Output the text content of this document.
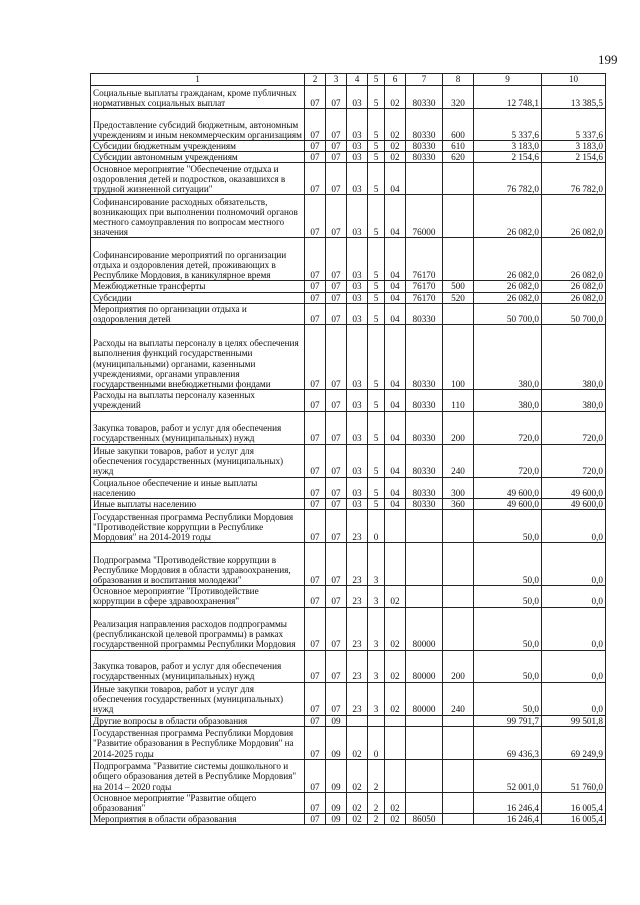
199
1	2	3	4	5	6	7	8	9	10
Социальные выплаты гражданам, кроме публичных нормативных социальных выплат	07	07	03	5	02	80330	320	12 748,1	13 385,5
Предоставление субсидий бюджетным, автономным учреждениям и иным некоммерческим организациям	07	07	03	5	02	80330	600	5 337,6	5 337,6
Субсидии бюджетным учреждениям	07	07	03	5	02	80330	610	3 183,0	3 183,0
Субсидии автономным учреждениям	07	07	03	5	02	80330	620	2 154,6	2 154,6
Основное мероприятие "Обеспечение отдыха и оздоровления детей и подростков, оказавшихся в трудной жизненной ситуации"	07	07	03	5	04			76 782,0	76 782,0
Софинансирование расходных обязательств, возникающих при выполнении полномочий органов местного самоуправления по вопросам местного значения	07	07	03	5	04	76000		26 082,0	26 082,0
Софинансирование мероприятий по организации отдыха и оздоровления детей, проживающих в Республике Мордовия, в каникулярное время	07	07	03	5	04	76170		26 082,0	26 082,0
Межбюджетные трансферты	07	07	03	5	04	76170	500	26 082,0	26 082,0
Субсидии	07	07	03	5	04	76170	520	26 082,0	26 082,0
Мероприятия по организации отдыха и оздоровления детей	07	07	03	5	04	80330		50 700,0	50 700,0
Расходы на выплаты персоналу в целях обеспечения выполнения функций государственными (муниципальными) органами, казенными учреждениями, органами управления государственными внебюджетными фондами	07	07	03	5	04	80330	100	380,0	380,0
Расходы на выплаты персоналу казенных учреждений	07	07	03	5	04	80330	110	380,0	380,0
Закупка товаров, работ и услуг для обеспечения государственных (муниципальных) нужд	07	07	03	5	04	80330	200	720,0	720,0
Иные закупки товаров, работ и услуг для обеспечения государственных (муниципальных) нужд	07	07	03	5	04	80330	240	720,0	720,0
Социальное обеспечение и иные выплаты населению	07	07	03	5	04	80330	300	49 600,0	49 600,0
Иные выплаты населению	07	07	03	5	04	80330	360	49 600,0	49 600,0
Государственная программа Республики Мордовия "Противодействие коррупции в Республике Мордовия" на 2014-2019 годы	07	07	23	0				50,0	0,0
Подпрограмма "Противодействие коррупции в Республике Мордовия в области здравоохранения, образования и воспитания молодежи"	07	07	23	3				50,0	0,0
Основное мероприятие "Противодействие коррупции в сфере здравоохранения"	07	07	23	3	02			50,0	0,0
Реализация направления расходов подпрограммы (республиканской целевой программы) в рамках государственной программы Республики Мордовия	07	07	23	3	02	80000		50,0	0,0
Закупка товаров, работ и услуг для обеспечения государственных (муниципальных) нужд	07	07	23	3	02	80000	200	50,0	0,0
Иные закупки товаров, работ и услуг для обеспечения государственных (муниципальных) нужд	07	07	23	3	02	80000	240	50,0	0,0
Другие вопросы в области образования	07	09						99 791,7	99 501,8
Государственная программа Республики Мордовия "Развитие образования в Республике Мордовия" на 2014-2025 годы	07	09	02	0				69 436,3	69 249,9
Подпрограмма "Развитие системы дошкольного и общего образования детей в Республике Мордовия" на 2014 – 2020 годы	07	09	02	2				52 001,0	51 760,0
Основное мероприятие "Развитие общего образования"	07	09	02	2	02			16 246,4	16 005,4
Мероприятия в области образования	07	09	02	2	02	86050		16 246,4	16 005,4
